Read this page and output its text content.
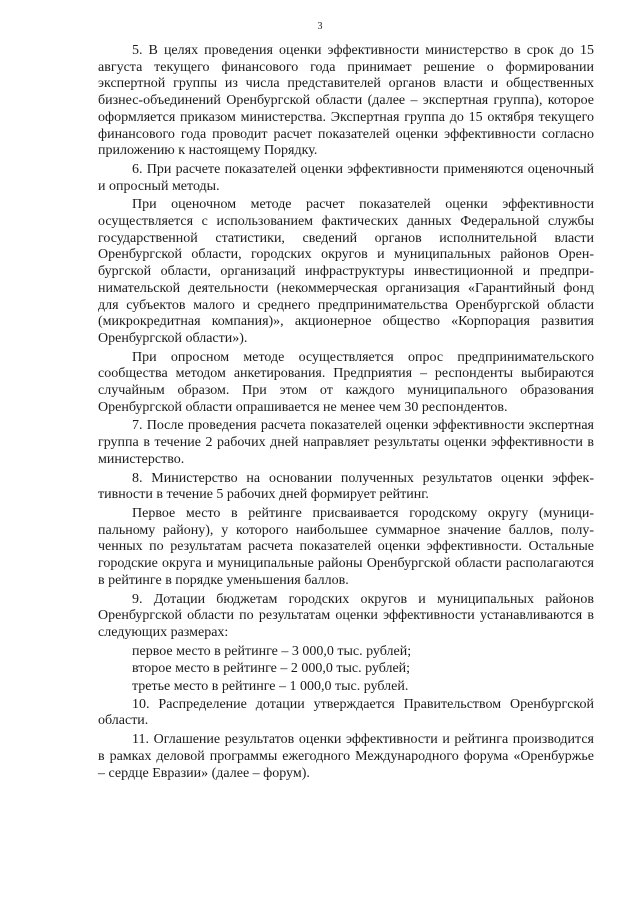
3

5. В целях проведения оценки эффективности министерство в срок до 15 августа текущего финансового года принимает решение о формировании экспертной группы из числа представителей органов власти и общественных бизнес-объединений Оренбургской области (далее – экспертная группа), которое оформляется приказом министерства. Экспертная группа до 15 октября текущего финансового года проводит расчет показателей оценки эффективности согласно приложению к настоящему Порядку.

6. При расчете показателей оценки эффективности применяются оценочный и опросный методы.

При оценочном методе расчет показателей оценки эффективности осуществляется с использованием фактических данных Федеральной службы государственной статистики, сведений органов исполнительной власти Оренбургской области, городских округов и муниципальных районов Оренбургской области, организаций инфраструктуры инвестиционной и предпринимательской деятельности (некоммерческая организация «Гарантийный фонд для субъектов малого и среднего предпринимательства Оренбургской области (микрокредитная компания)», акционерное общество «Корпорация развития Оренбургской области»).

При опросном методе осуществляется опрос предпринимательского сообщества методом анкетирования. Предприятия – респонденты выбираются случайным образом. При этом от каждого муниципального образования Оренбургской области опрашивается не менее чем 30 респондентов.

7. После проведения расчета показателей оценки эффективности экспертная группа в течение 2 рабочих дней направляет результаты оценки эффективности в министерство.

8. Министерство на основании полученных результатов оценки эффективности в течение 5 рабочих дней формирует рейтинг.

Первое место в рейтинге присваивается городскому округу (муниципальному району), у которого наибольшее суммарное значение баллов, полученных по результатам расчета показателей оценки эффективности. Остальные городские округа и муниципальные районы Оренбургской области располагаются в рейтинге в порядке уменьшения баллов.

9. Дотации бюджетам городских округов и муниципальных районов Оренбургской области по результатам оценки эффективности устанавливаются в следующих размерах:

первое место в рейтинге – 3 000,0 тыс. рублей;

второе место в рейтинге – 2 000,0 тыс. рублей;

третье место в рейтинге – 1 000,0 тыс. рублей.

10. Распределение дотации утверждается Правительством Оренбургской области.

11. Оглашение результатов оценки эффективности и рейтинга производится в рамках деловой программы ежегодного Международного форума «Оренбуржье – сердце Евразии» (далее – форум).
